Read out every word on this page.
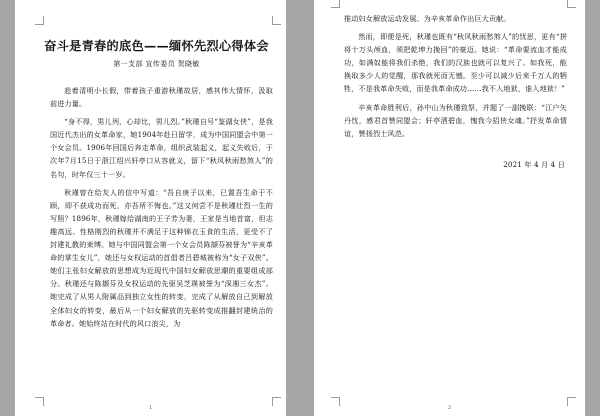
奋斗是青春的底色——缅怀先烈心得体会
第一支部 宣传委员 贺晓敏

趁着清明小长假，带着孩子重游秋瑾故居，感其伟大情怀，汲取前进力量。

“身不得，男儿列，心却比，男儿烈。”秋瑾自号“鉴湖女侠”，是我国近代杰出的女革命家，她1904年赴日留学，成为中国同盟会中第一个女会员。1906年回国后奔走革命，组织武装起义，起义失败后，于次年7月15日于浙江绍兴轩亭口从容就义，留下“秋风秋雨愁煞人”的名句，时年仅三十一岁。

秋瑾曾在给友人的信中写道：“吾自庚子以来，已置吾生命于不顾，即不获成功而死，亦吾所不悔也。”这又何尝不是秋瑾壮烈一生的写照？1896年，秋瑾嫁给湖南的王子芳为妻，王家是当地首富，但志趣高远、性格刚烈的秋瑾并不满足于这种锦衣玉食的生活，更受不了封建礼教的束缚。她与中国同盟会第一个女会员陈撷芬被誉为“辛亥革命的掌生女儿”，她还与女权运动的首倡者吕碧城被称为“女子双侠”。她们主张妇女解放的思想成为近现代中国妇女解放思潮的重要组成部分。秋瑾还与陈撷芬及女权运动的先驱吴芝瑛被誉为“深湘三女杰”。她完成了从男人附属品到独立女性的转变，完成了从解放自己到解放全体妇女的转变，最后从一个妇女解放的先驱转变成推翻封建统治的革命者。她始终站在时代的风口浪尖，为

1

推动妇女解放运动发展、为辛亥革命作出巨大贡献。

然而，即便是死，秋瑾也既有“秋风秋雨愁煞人”的忧思，更有“拼将十万头颅血，须把乾坤力挽回”的豪迈。她说：“革命要流血才能成功，如满奴能将我们杀绝，我们的汉族也就可以复兴了。如我死，能换取多少人的觉醒，那我就死而无憾。至少可以减少后来千万人的牺牲，不是我革命失败，而是我革命成功……我不入地狱，谁入地狱！”

辛亥革命胜利后，孙中山为秋瑾致祭，并题了一副挽联：“江户矢丹忱，感君首赞同盟会；轩亭洒碧血，愧我今招侠女魂。”抒发革命情谊，赞扬烈士风范。

2021 年 4 月 4 日
2
